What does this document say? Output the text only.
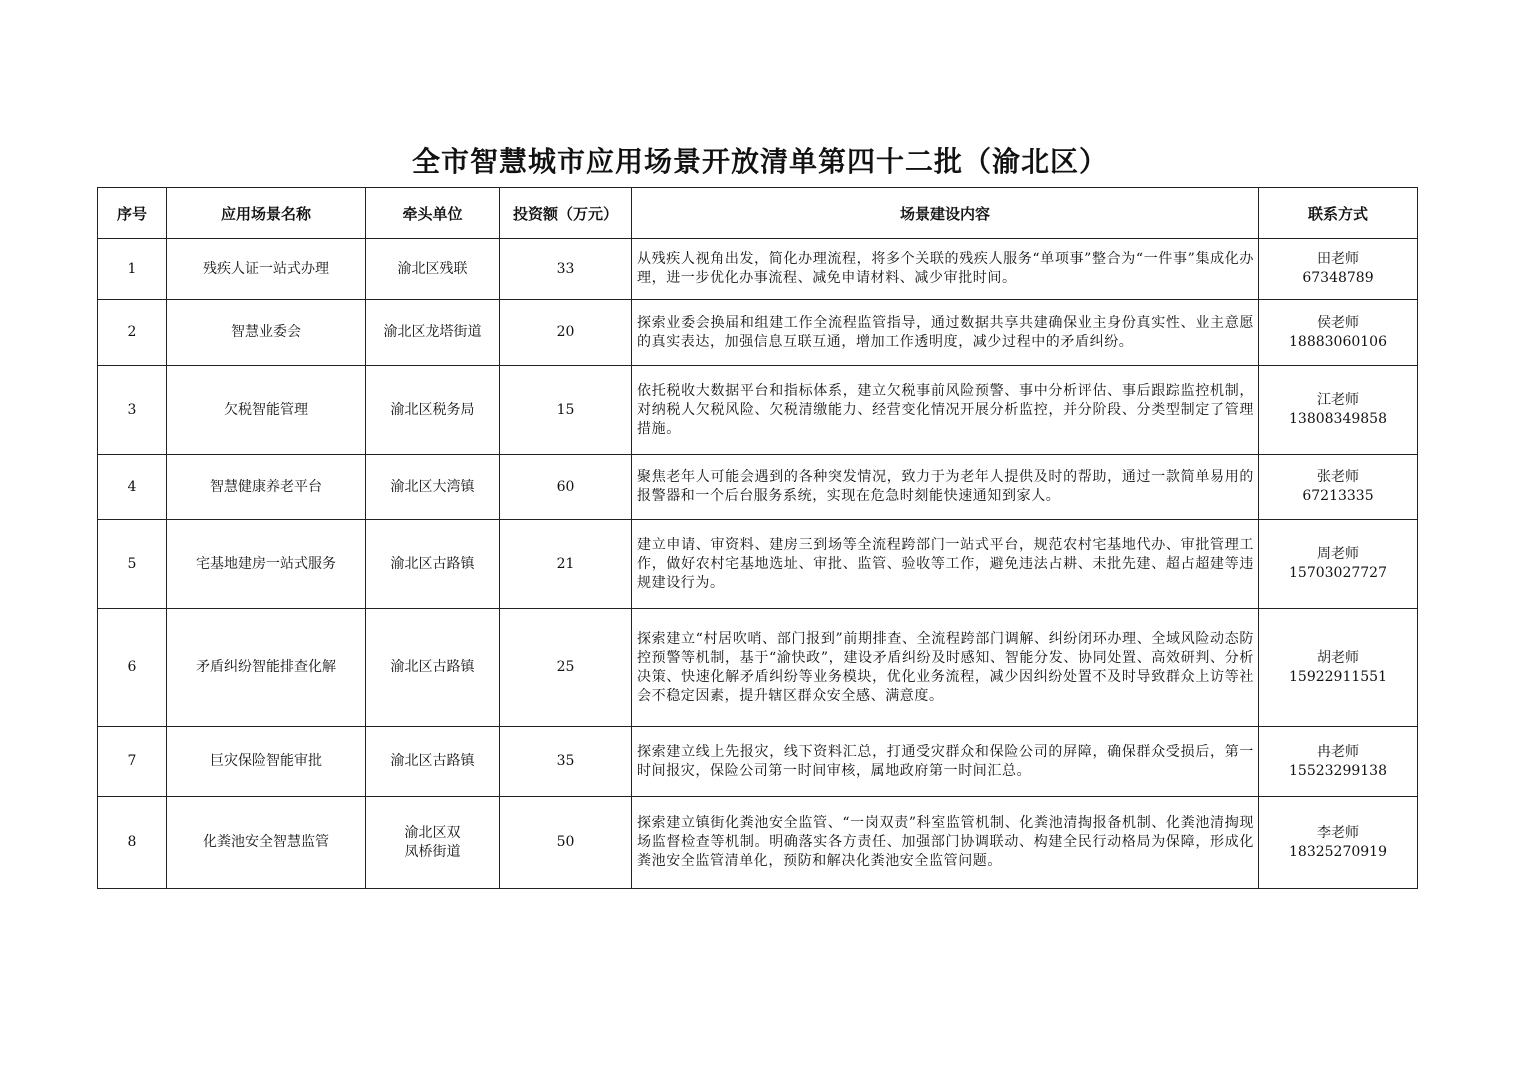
全市智慧城市应用场景开放清单第四十二批（渝北区）
序号	应用场景名称	牵头单位	投资额（万元）	场景建设内容	联系方式
1	残疾人证一站式办理	渝北区残联	33	从残疾人视角出发，简化办理流程，将多个关联的残疾人服务“单项事”整合为“一件事”集成化办理，进一步优化办事流程、减免申请材料、减少审批时间。	田老师
67348789

2	智慧业委会	渝北区龙塔街道	20	探索业委会换届和组建工作全流程监管指导，通过数据共享共建确保业主身份真实性、业主意愿的真实表达，加强信息互联互通，增加工作透明度，减少过程中的矛盾纠纷。	侯老师
18883060106

3	欠税智能管理	渝北区税务局	15	依托税收大数据平台和指标体系，建立欠税事前风险预警、事中分析评估、事后跟踪监控机制，对纳税人欠税风险、欠税清缴能力、经营变化情况开展分析监控，并分阶段、分类型制定了管理措施。	江老师
13808349858

4	智慧健康养老平台	渝北区大湾镇	60	聚焦老年人可能会遇到的各种突发情况，致力于为老年人提供及时的帮助，通过一款简单易用的报警器和一个后台服务系统，实现在危急时刻能快速通知到家人。	张老师
67213335

5	宅基地建房一站式服务	渝北区古路镇	21	建立申请、审资料、建房三到场等全流程跨部门一站式平台，规范农村宅基地代办、审批管理工作，做好农村宅基地选址、审批、监管、验收等工作，避免违法占耕、未批先建、超占超建等违规建设行为。	周老师
15703027727

6	矛盾纠纷智能排查化解	渝北区古路镇	25	探索建立“村居吹哨、部门报到”前期排查、全流程跨部门调解、纠纷闭环办理、全域风险动态防控预警等机制，基于“渝快政”，建设矛盾纠纷及时感知、智能分发、协同处置、高效研判、分析决策、快速化解矛盾纠纷等业务模块，优化业务流程，减少因纠纷处置不及时导致群众上访等社会不稳定因素，提升辖区群众安全感、满意度。	胡老师
15922911551

7	巨灾保险智能审批	渝北区古路镇	35	探索建立线上先报灾，线下资料汇总，打通受灾群众和保险公司的屏障，确保群众受损后，第一时间报灾，保险公司第一时间审核，属地政府第一时间汇总。	冉老师
15523299138

8	化粪池安全智慧监管	渝北区双
凤桥街道	50	探索建立镇街化粪池安全监管、“一岗双责”科室监管机制、化粪池清掏报备机制、化粪池清掏现场监督检查等机制。明确落实各方责任、加强部门协调联动、构建全民行动格局为保障，形成化粪池安全监管清单化，预防和解决化粪池安全监管问题。	李老师
18325270919
